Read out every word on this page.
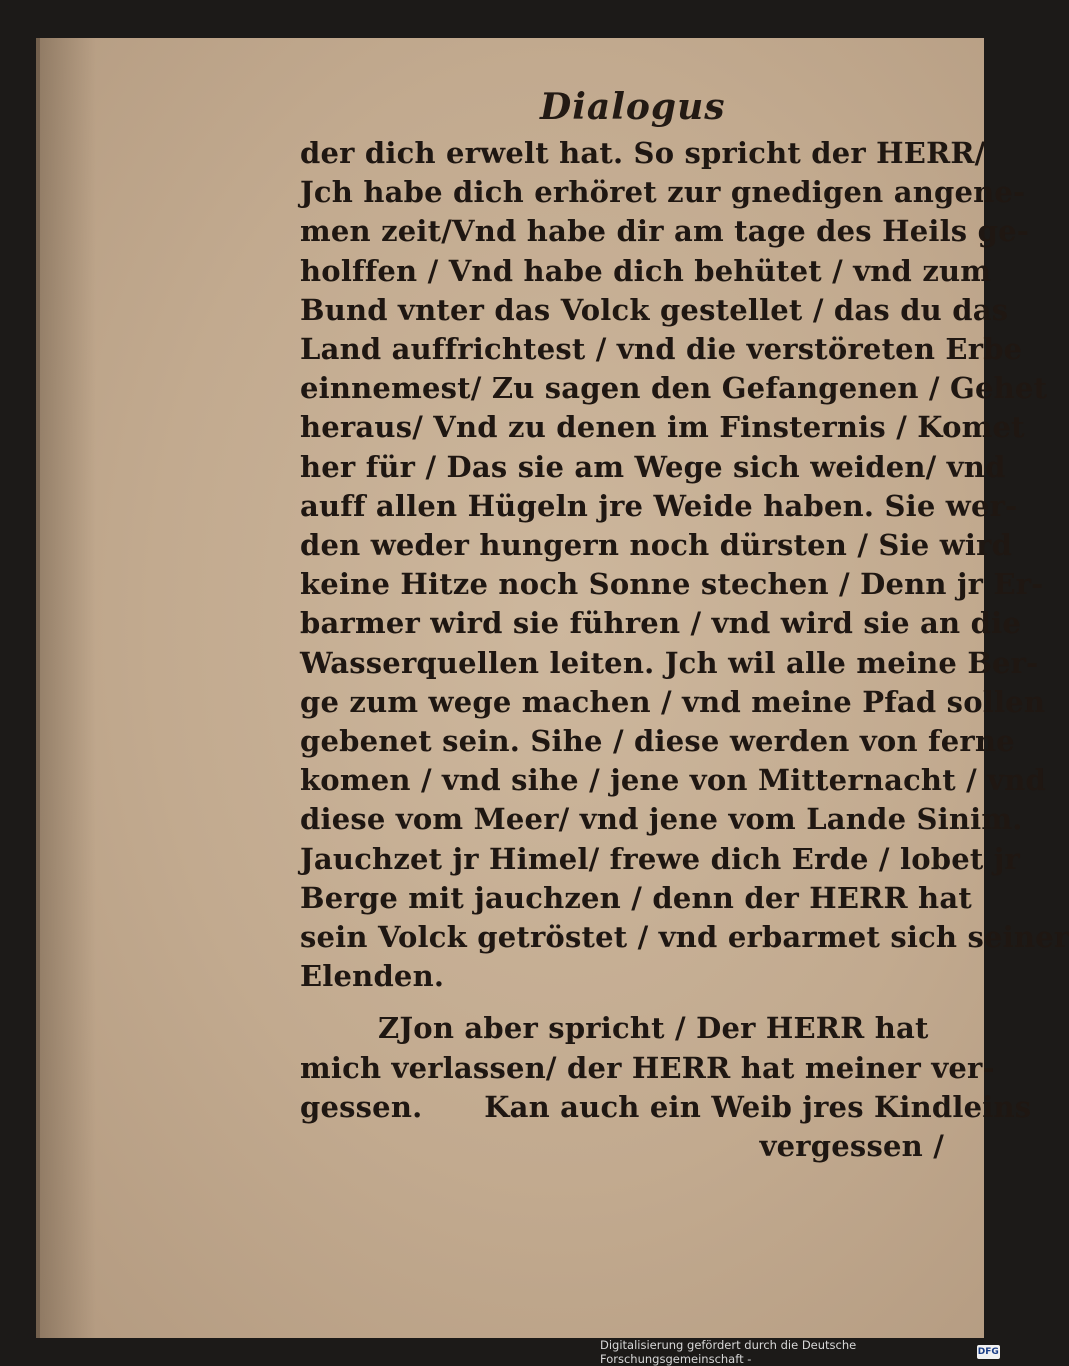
Dialogus
der dich erwelt hat. So spricht der HERR/
Jch habe dich erhöret zur gnedigen angene-
men zeit/Vnd habe dir am tage des Heils ge-
holffen / Vnd habe dich behütet / vnd zum
Bund vnter das Volck gestellet / das du das
Land auffrichtest / vnd die verstöreten Erbe
einnemest/ Zu sagen den Gefangenen / Gehet
heraus/ Vnd zu denen im Finsternis / Komet
her für / Das sie am Wege sich weiden/ vnd
auff allen Hügeln jre Weide haben. Sie wer-
den weder hungern noch dürsten / Sie wird
keine Hitze noch Sonne stechen / Denn jr Er-
barmer wird sie führen / vnd wird sie an die
Wasserquellen leiten. Jch wil alle meine Ber-
ge zum wege machen / vnd meine Pfad sollen
gebenet sein. Sihe / diese werden von ferne
komen / vnd sihe / jene von Mitternacht / vnd
diese vom Meer/ vnd jene vom Lande Sinim.
Jauchzet jr Himel/ frewe dich Erde / lobet jr
Berge mit jauchzen / denn der HERR hat
sein Volck getröstet / vnd erbarmet sich seiner
Elenden.
ZJon aber spricht / Der HERR hat
mich verlassen/ der HERR hat meiner ver-
gessen.      Kan auch ein Weib jres Kindleins
vergessen /
Digitalisierung gefördert durch die Deutsche Forschungsgemeinschaft -	DFG
